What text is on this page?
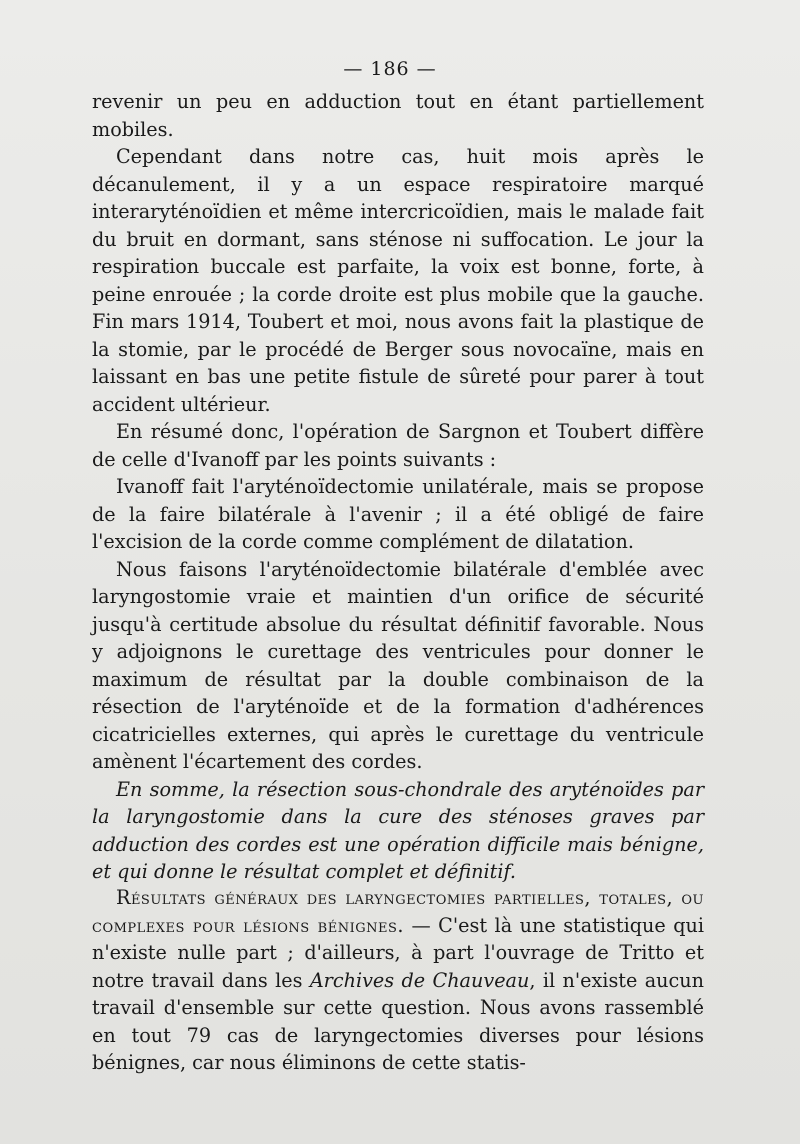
— 186 —

revenir un peu en adduction tout en étant partiellement mobiles.

Cependant dans notre cas, huit mois après le décanulement, il y a un espace respiratoire marqué interaryténoïdien et même intercricoïdien, mais le malade fait du bruit en dormant, sans sténose ni suffocation. Le jour la respiration buccale est parfaite, la voix est bonne, forte, à peine enrouée ; la corde droite est plus mobile que la gauche. Fin mars 1914, Toubert et moi, nous avons fait la plastique de la stomie, par le procédé de Berger sous novocaïne, mais en laissant en bas une petite fistule de sûreté pour parer à tout accident ultérieur.

En résumé donc, l'opération de Sargnon et Toubert diffère de celle d'Ivanoff par les points suivants :

Ivanoff fait l'aryténoïdectomie unilatérale, mais se propose de la faire bilatérale à l'avenir ; il a été obligé de faire l'excision de la corde comme complément de dilatation.

Nous faisons l'aryténoïdectomie bilatérale d'emblée avec laryngostomie vraie et maintien d'un orifice de sécurité jusqu'à certitude absolue du résultat définitif favorable. Nous y adjoignons le curettage des ventricules pour donner le maximum de résultat par la double combinaison de la résection de l'aryténoïde et de la formation d'adhérences cicatricielles externes, qui après le curettage du ventricule amènent l'écartement des cordes.

En somme, la résection sous-chondrale des aryténoïdes par la laryngostomie dans la cure des sténoses graves par adduction des cordes est une opération difficile mais bénigne, et qui donne le résultat complet et définitif.

Résultats généraux des laryngectomies partielles, totales, ou complexes pour lésions bénignes. — C'est là une statistique qui n'existe nulle part ; d'ailleurs, à part l'ouvrage de Tritto et notre travail dans les Archives de Chauveau, il n'existe aucun travail d'ensemble sur cette question. Nous avons rassemblé en tout 79 cas de laryngectomies diverses pour lésions bénignes, car nous éliminons de cette statis-
